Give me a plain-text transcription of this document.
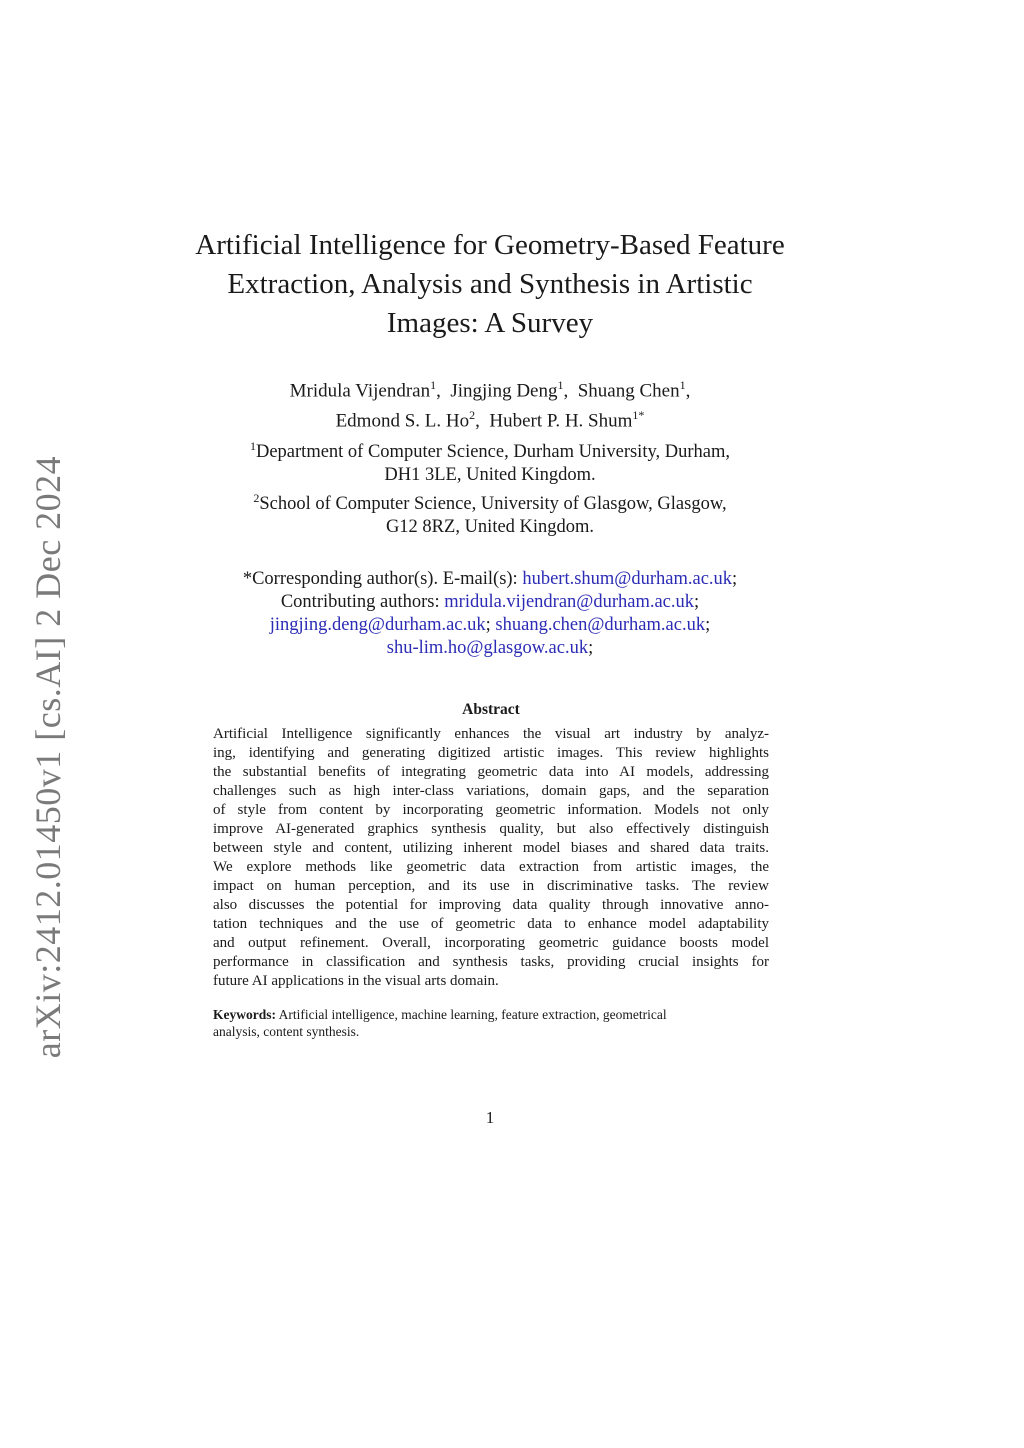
arXiv:2412.01450v1 [cs.AI] 2 Dec 2024
Artificial Intelligence for Geometry-Based Feature
Extraction, Analysis and Synthesis in Artistic
Images: A Survey
Mridula Vijendran$^1$, Jingjing Deng$^1$, Shuang Chen$^1$,
Edmond S. L. Ho$^2$, Hubert P. H. Shum$^{1*}$
$^1$Department of Computer Science, Durham University, Durham,
DH1 3LE, United Kingdom.
$^2$School of Computer Science, University of Glasgow, Glasgow,
G12 8RZ, United Kingdom.
*Corresponding author(s). E-mail(s): hubert.shum@durham.ac.uk;
Contributing authors: mridula.vijendran@durham.ac.uk;
jingjing.deng@durham.ac.uk; shuang.chen@durham.ac.uk;
shu-lim.ho@glasgow.ac.uk;
Abstract
Artificial Intelligence significantly enhances the visual art industry by analyz-
ing, identifying and generating digitized artistic images. This review highlights
the substantial benefits of integrating geometric data into AI models, addressing
challenges such as high inter-class variations, domain gaps, and the separation
of style from content by incorporating geometric information. Models not only
improve AI-generated graphics synthesis quality, but also effectively distinguish
between style and content, utilizing inherent model biases and shared data traits.
We explore methods like geometric data extraction from artistic images, the
impact on human perception, and its use in discriminative tasks. The review
also discusses the potential for improving data quality through innovative anno-
tation techniques and the use of geometric data to enhance model adaptability
and output refinement. Overall, incorporating geometric guidance boosts model
performance in classification and synthesis tasks, providing crucial insights for
future AI applications in the visual arts domain.
Keywords: Artificial intelligence, machine learning, feature extraction, geometrical
analysis, content synthesis.
1
